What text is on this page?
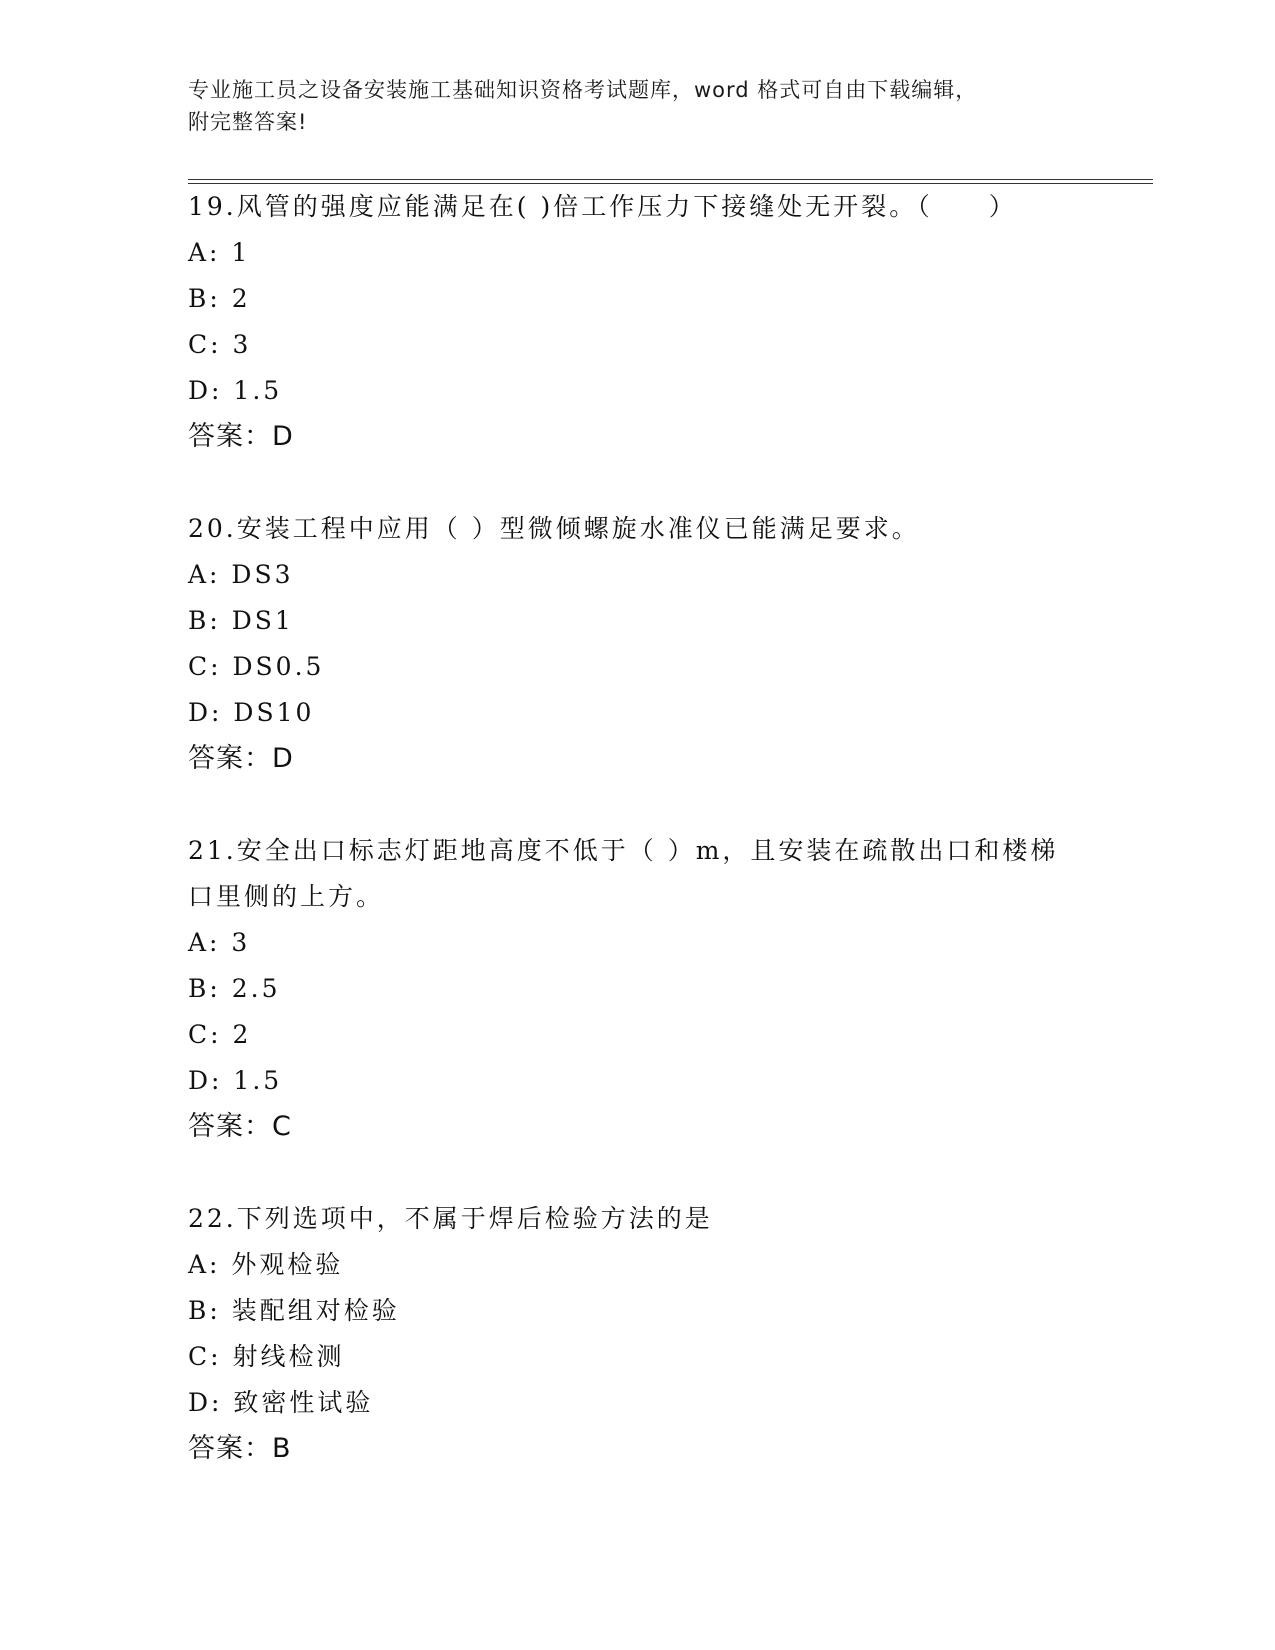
专业施工员之设备安装施工基础知识资格考试题库，word 格式可自由下载编辑，
附完整答案!
19.风管的强度应能满足在( )倍工作压力下接缝处无开裂。（　　）
A: 1
B: 2
C: 3
D: 1.5
答案：D
20.安装工程中应用（ ）型微倾螺旋水准仪已能满足要求。
A: DS3
B: DS1
C: DS0.5
D: DS10
答案：D
21.安全出口标志灯距地高度不低于（ ）m，且安装在疏散出口和楼梯
口里侧的上方。
A: 3
B: 2.5
C: 2
D: 1.5
答案：C
22.下列选项中，不属于焊后检验方法的是
A: 外观检验
B: 装配组对检验
C: 射线检测
D: 致密性试验
答案：B
